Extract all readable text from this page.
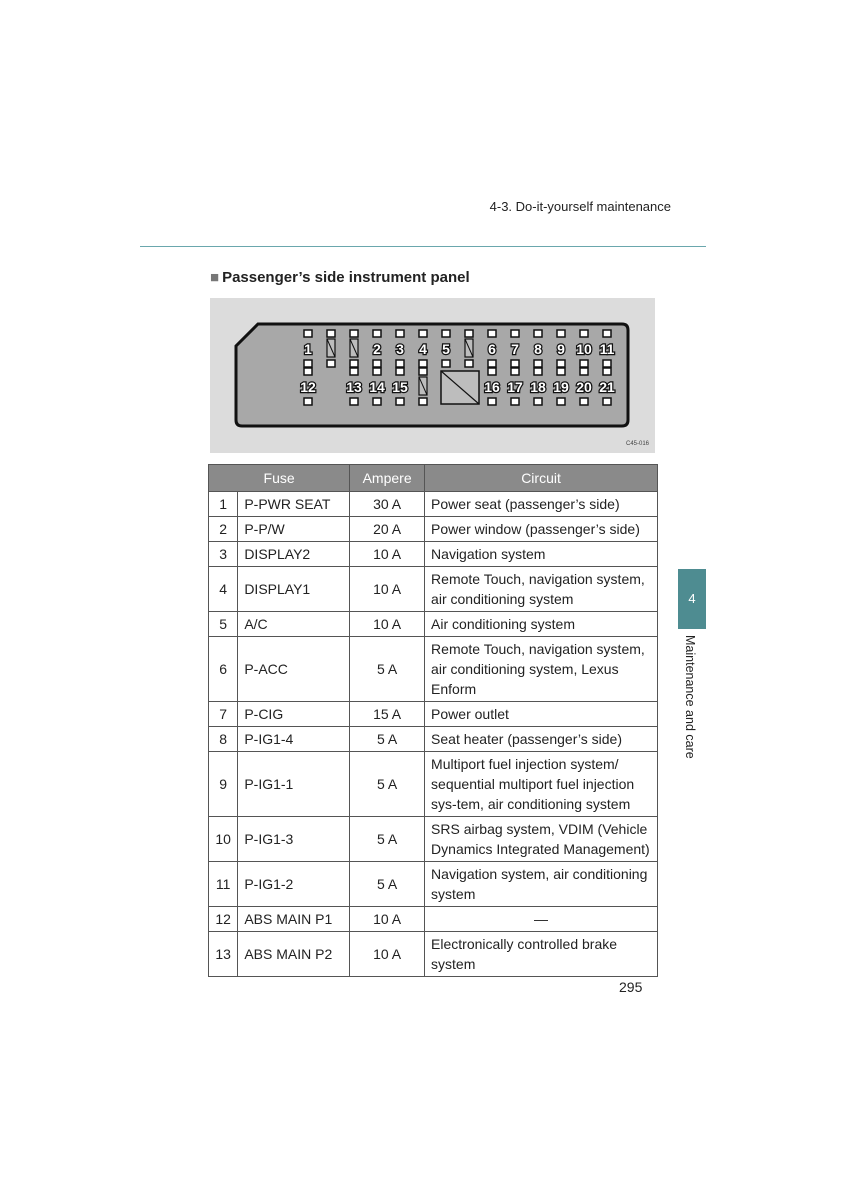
4-3. Do-it-yourself maintenance
■ Passenger’s side instrument panel
1	2 3 4 5	6 7 8 9 10 11
12 13 14 15	16 17 18 19 20 21
C45-016
Fuse		Ampere	Circuit
1	P-PWR SEAT	30 A	Power seat (passenger’s side)
2	P-P/W	20 A	Power window (passenger’s side)
3	DISPLAY2	10 A	Navigation system
4	DISPLAY1	10 A	Remote Touch, navigation system, air conditioning system
5	A/C	10 A	Air conditioning system
6	P-ACC	5 A	Remote Touch, navigation system, air conditioning system, Lexus Enform
7	P-CIG	15 A	Power outlet
8	P-IG1-4	5 A	Seat heater (passenger’s side)
9	P-IG1-1	5 A	Multiport fuel injection system/ sequential multiport fuel injection sys-tem, air conditioning system
10	P-IG1-3	5 A	SRS airbag system, VDIM (Vehicle Dynamics Integrated Management)
11	P-IG1-2	5 A	Navigation system, air conditioning system
12	ABS MAIN P1	10 A	—
13	ABS MAIN P2	10 A	Electronically controlled brake system
4
Maintenance and care
295
